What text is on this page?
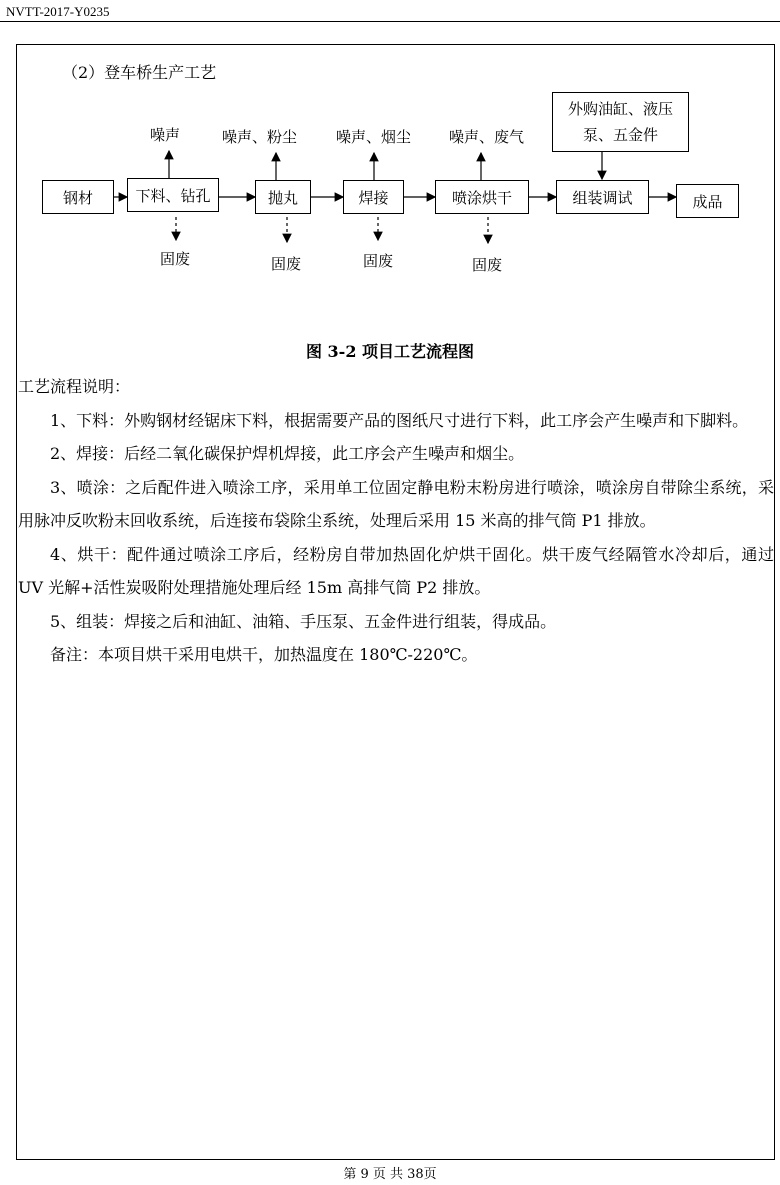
NVTT-2017-Y0235
（2）登车桥生产工艺
钢材	下料、钻孔	抛丸	焊接	喷涂烘干	组装调试	成品
外购油缸、液压泵、五金件
噪声	噪声、粉尘	噪声、烟尘	噪声、废气
固废	固废	固废	固废
图 3-2 项目工艺流程图

工艺流程说明：

1、下料：外购钢材经锯床下料，根据需要产品的图纸尺寸进行下料，此工序会产生噪声和下脚料。

2、焊接：后经二氧化碳保护焊机焊接，此工序会产生噪声和烟尘。

3、喷涂：之后配件进入喷涂工序，采用单工位固定静电粉末粉房进行喷涂，喷涂房自带除尘系统，采用脉冲反吹粉末回收系统，后连接布袋除尘系统，处理后采用 15 米高的排气筒 P1 排放。

4、烘干：配件通过喷涂工序后，经粉房自带加热固化炉烘干固化。烘干废气经隔管水冷却后，通过 UV 光解+活性炭吸附处理措施处理后经 15m 高排气筒 P2 排放。

5、组装：焊接之后和油缸、油箱、手压泵、五金件进行组装，得成品。

备注：本项目烘干采用电烘干，加热温度在 180℃-220℃。

第 9 页 共 38页
